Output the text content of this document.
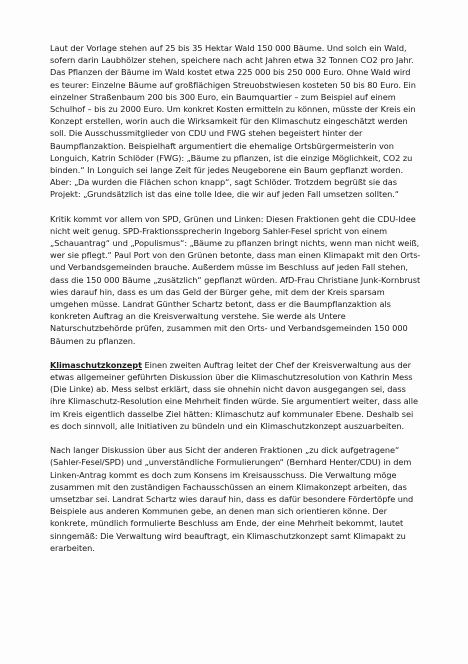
Laut der Vorlage stehen auf 25 bis 35 Hektar Wald 150 000 Bäume. Und solch ein Wald, sofern darin Laubhölzer stehen, speichere nach acht Jahren etwa 32 Tonnen CO2 pro Jahr. Das Pflanzen der Bäume im Wald kostet etwa 225 000 bis 250 000 Euro. Ohne Wald wird es teurer: Einzelne Bäume auf großflächigen Streuobstwiesen kosteten 50 bis 80 Euro. Ein einzelner Straßenbaum 200 bis 300 Euro, ein Baumquartier – zum Beispiel auf einem Schulhof – bis zu 2000 Euro. Um konkret Kosten ermitteln zu können, müsste der Kreis ein Konzept erstellen, worin auch die Wirksamkeit für den Klimaschutz eingeschätzt werden soll. Die Ausschussmitglieder von CDU und FWG stehen begeistert hinter der Baumpflanzaktion. Beispielhaft argumentiert die ehemalige Ortsbürgermeisterin von Longuich, Katrin Schlöder (FWG): „Bäume zu pflanzen, ist die einzige Möglichkeit, CO2 zu binden.“ In Longuich sei lange Zeit für jedes Neugeborene ein Baum gepflanzt worden. Aber: „Da wurden die Flächen schon knapp“, sagt Schlöder. Trotzdem begrüßt sie das Projekt: „Grundsätzlich ist das eine tolle Idee, die wir auf jeden Fall umsetzen sollten.“

Kritik kommt vor allem von SPD, Grünen und Linken: Diesen Fraktionen geht die CDU-Idee nicht weit genug. SPD-Fraktionssprecherin Ingeborg Sahler-Fesel spricht von einem „Schauantrag“ und „Populismus“: „Bäume zu pflanzen bringt nichts, wenn man nicht weiß, wer sie pflegt.“ Paul Port von den Grünen betonte, dass man einen Klimapakt mit den Orts- und Verbandsgemeinden brauche. Außerdem müsse im Beschluss auf jeden Fall stehen, dass die 150 000 Bäume „zusätzlich“ gepflanzt würden. AfD-Frau Christiane Junk-Kornbrust wies darauf hin, dass es um das Geld der Bürger gehe, mit dem der Kreis sparsam umgehen müsse. Landrat Günther Schartz betont, dass er die Baumpflanzaktion als konkreten Auftrag an die Kreisverwaltung verstehe. Sie werde als Untere Naturschutzbehörde prüfen, zusammen mit den Orts- und Verbandsgemeinden 150 000 Bäumen zu pflanzen.

Klimaschutzkonzept Einen zweiten Auftrag leitet der Chef der Kreisverwaltung aus der etwas allgemeiner geführten Diskussion über die Klimaschutzresolution von Kathrin Mess (Die Linke) ab. Mess selbst erklärt, dass sie ohnehin nicht davon ausgegangen sei, dass ihre Klimaschutz-Resolution eine Mehrheit finden würde. Sie argumentiert weiter, dass alle im Kreis eigentlich dasselbe Ziel hätten: Klimaschutz auf kommunaler Ebene. Deshalb sei es doch sinnvoll, alle Initiativen zu bündeln und ein Klimaschutzkonzept auszuarbeiten.

Nach langer Diskussion über aus Sicht der anderen Fraktionen „zu dick aufgetragene“ (Sahler-Fesel/SPD) und „unverständliche Formulierungen“ (Bernhard Henter/CDU) in dem Linken-Antrag kommt es doch zum Konsens im Kreisausschuss. Die Verwaltung möge zusammen mit den zuständigen Fachausschüssen an einem Klimakonzept arbeiten, das umsetzbar sei. Landrat Schartz wies darauf hin, dass es dafür besondere Fördertöpfe und Beispiele aus anderen Kommunen gebe, an denen man sich orientieren könne. Der konkrete, mündlich formulierte Beschluss am Ende, der eine Mehrheit bekommt, lautet sinngemäß: Die Verwaltung wird beauftragt, ein Klimaschutzkonzept samt Klimapakt zu erarbeiten.
